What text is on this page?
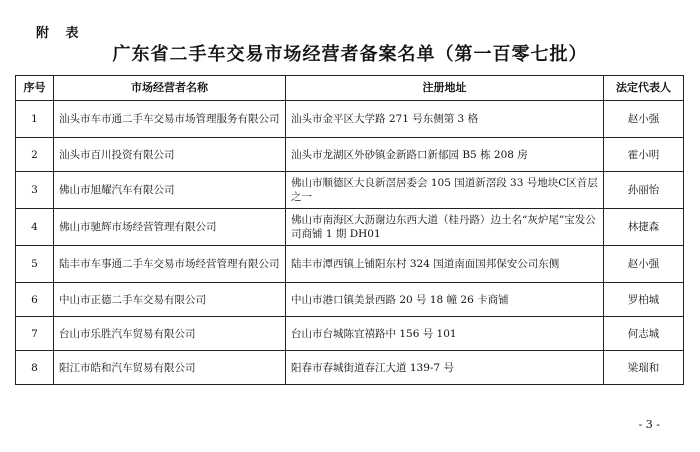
附 表
广东省二手车交易市场经营者备案名单（第一百零七批）
序号	市场经营者名称	注册地址	法定代表人
1	汕头市车市通二手车交易市场管理服务有限公司	汕头市金平区大学路 271 号东侧第 3 格	赵小强
2	汕头市百川投资有限公司	汕头市龙湖区外砂镇金新路口新郁园 B5 栋 208 房	霍小明
3	佛山市旭耀汽车有限公司	佛山市顺德区大良新滘居委会 105 国道新滘段 33 号地块C区首层之一	孙丽怡
4	佛山市驰辉市场经营管理有限公司	佛山市南海区大沥谢边东西大道（桂丹路）边土名“灰炉尾”宝发公司商铺 1 期 DH01	林捷森
5	陆丰市车事通二手车交易市场经营管理有限公司	陆丰市潭西镇上铺阳东村 324 国道南面国邦保安公司东侧	赵小强
6	中山市正德二手车交易有限公司	中山市港口镇美景西路 20 号 18 幢 26 卡商铺	罗柏城
7	台山市乐胜汽车贸易有限公司	台山市台城陈宜禧路中 156 号 101	何志城
8	阳江市皓和汽车贸易有限公司	阳春市春城街道春江大道 139-7 号	梁瑞和
- 3 -
